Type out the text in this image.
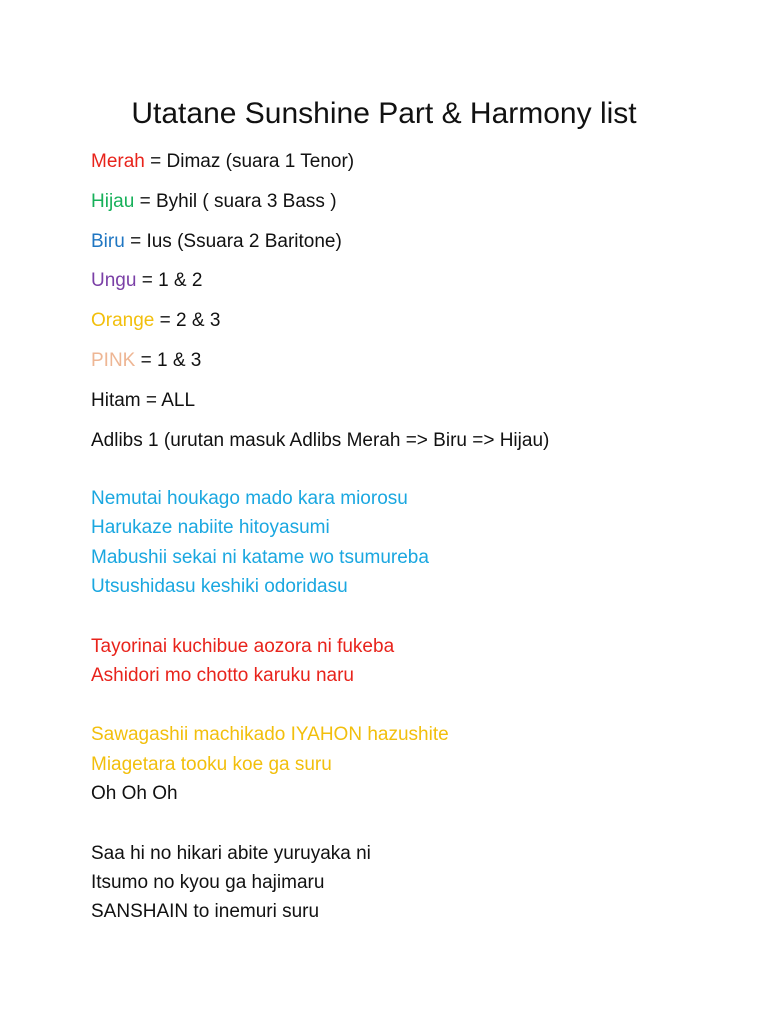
Utatane Sunshine Part & Harmony list
Merah = Dimaz (suara 1 Tenor)
Hijau = Byhil ( suara 3 Bass )
Biru = Ius (Ssuara 2 Baritone)
Ungu = 1 & 2
Orange = 2 & 3
PINK = 1 & 3
Hitam = ALL
Adlibs 1 (urutan masuk Adlibs Merah => Biru => Hijau)
Nemutai houkago mado kara miorosu
Harukaze nabiite hitoyasumi
Mabushii sekai ni katame wo tsumureba
Utsushidasu keshiki odoridasu
Tayorinai kuchibue aozora ni fukeba
Ashidori mo chotto karuku naru
Sawagashii machikado IYAHON hazushite
Miagetara tooku koe ga suru
Oh Oh Oh
Saa hi no hikari abite yuruyaka ni
Itsumo no kyou ga hajimaru
SANSHAIN to inemuri suru
